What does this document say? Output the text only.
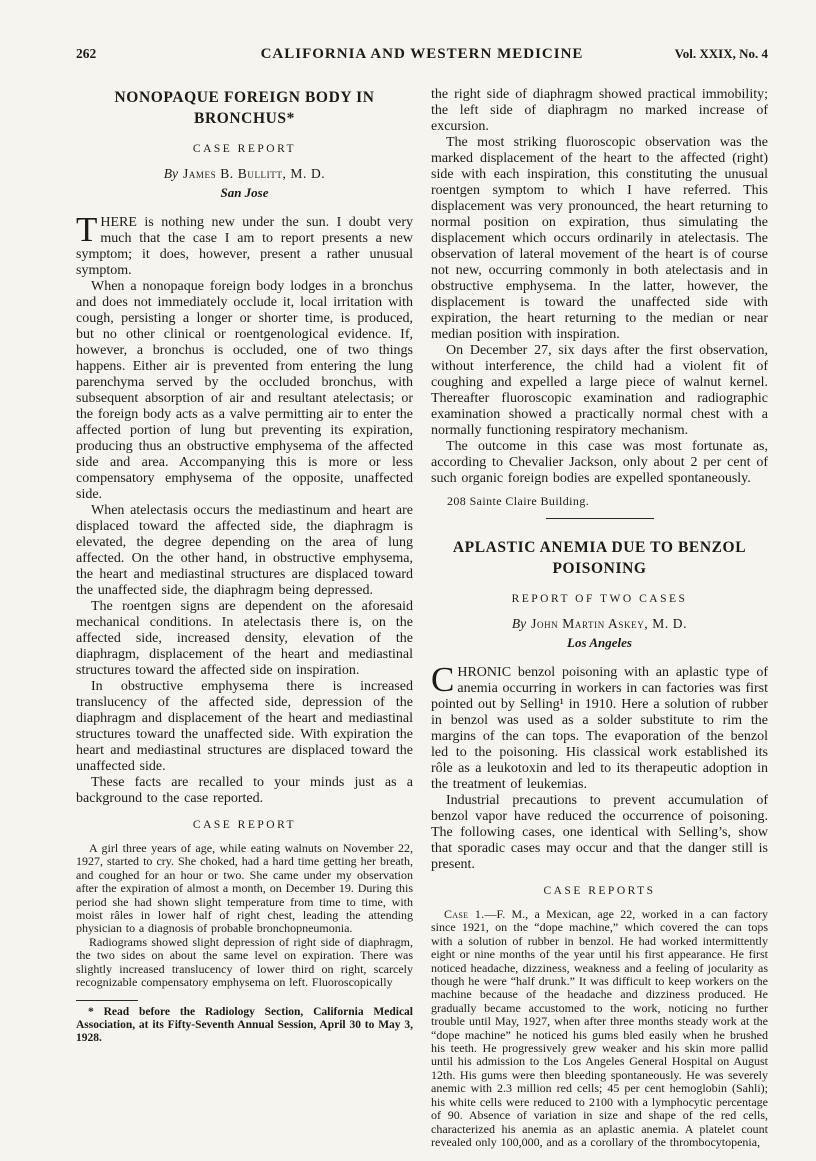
262	CALIFORNIA AND WESTERN MEDICINE	Vol. XXIX, No. 4
NONOPAQUE FOREIGN BODY IN BRONCHUS*
CASE REPORT
By James B. Bullitt, M. D.
San Jose

THERE is nothing new under the sun. I doubt very much that the case I am to report presents a new symptom; it does, however, present a rather unusual symptom.

When a nonopaque foreign body lodges in a bronchus and does not immediately occlude it, local irritation with cough, persisting a longer or shorter time, is produced, but no other clinical or roentgenological evidence. If, however, a bronchus is occluded, one of two things happens. Either air is prevented from entering the lung parenchyma served by the occluded bronchus, with subsequent absorption of air and resultant atelectasis; or the foreign body acts as a valve permitting air to enter the affected portion of lung but preventing its expiration, producing thus an obstructive emphysema of the affected side and area. Accompanying this is more or less compensatory emphysema of the opposite, unaffected side.

When atelectasis occurs the mediastinum and heart are displaced toward the affected side, the diaphragm is elevated, the degree depending on the area of lung affected. On the other hand, in obstructive emphysema, the heart and mediastinal structures are displaced toward the unaffected side, the diaphragm being depressed.

The roentgen signs are dependent on the aforesaid mechanical conditions. In atelectasis there is, on the affected side, increased density, elevation of the diaphragm, displacement of the heart and mediastinal structures toward the affected side on inspiration.

In obstructive emphysema there is increased translucency of the affected side, depression of the diaphragm and displacement of the heart and mediastinal structures toward the unaffected side. With expiration the heart and mediastinal structures are displaced toward the unaffected side.

These facts are recalled to your minds just as a background to the case reported.

CASE REPORT

A girl three years of age, while eating walnuts on November 22, 1927, started to cry. She choked, had a hard time getting her breath, and coughed for an hour or two. She came under my observation after the expiration of almost a month, on December 19. During this period she had shown slight temperature from time to time, with moist râles in lower half of right chest, leading the attending physician to a diagnosis of probable bronchopneumonia.

Radiograms showed slight depression of right side of diaphragm, the two sides on about the same level on expiration. There was slightly increased translucency of lower third on right, scarcely recognizable compensatory emphysema on left. Fluoroscopically

* Read before the Radiology Section, California Medical Association, at its Fifty-Seventh Annual Session, April 30 to May 3, 1928.

the right side of diaphragm showed practical immobility; the left side of diaphragm no marked increase of excursion.

The most striking fluoroscopic observation was the marked displacement of the heart to the affected (right) side with each inspiration, this constituting the unusual roentgen symptom to which I have referred. This displacement was very pronounced, the heart returning to normal position on expiration, thus simulating the displacement which occurs ordinarily in atelectasis. The observation of lateral movement of the heart is of course not new, occurring commonly in both atelectasis and in obstructive emphysema. In the latter, however, the displacement is toward the unaffected side with expiration, the heart returning to the median or near median position with inspiration.

On December 27, six days after the first observation, without interference, the child had a violent fit of coughing and expelled a large piece of walnut kernel. Thereafter fluoroscopic examination and radiographic examination showed a practically normal chest with a normally functioning respiratory mechanism.

The outcome in this case was most fortunate as, according to Chevalier Jackson, only about 2 per cent of such organic foreign bodies are expelled spontaneously.

208 Sainte Claire Building.
APLASTIC ANEMIA DUE TO BENZOL POISONING
REPORT OF TWO CASES
By John Martin Askey, M. D.
Los Angeles

CHRONIC benzol poisoning with an aplastic type of anemia occurring in workers in can factories was first pointed out by Selling¹ in 1910. Here a solution of rubber in benzol was used as a solder substitute to rim the margins of the can tops. The evaporation of the benzol led to the poisoning. His classical work established its rôle as a leukotoxin and led to its therapeutic adoption in the treatment of leukemias.

Industrial precautions to prevent accumulation of benzol vapor have reduced the occurrence of poisoning. The following cases, one identical with Selling’s, show that sporadic cases may occur and that the danger still is present.

CASE REPORTS

Case 1.—F. M., a Mexican, age 22, worked in a can factory since 1921, on the “dope machine,” which covered the can tops with a solution of rubber in benzol. He had worked intermittently eight or nine months of the year until his first appearance. He first noticed headache, dizziness, weakness and a feeling of jocularity as though he were “half drunk.” It was difficult to keep workers on the machine because of the headache and dizziness produced. He gradually became accustomed to the work, noticing no further trouble until May, 1927, when after three months steady work at the “dope machine” he noticed his gums bled easily when he brushed his teeth. He progressively grew weaker and his skin more pallid until his admission to the Los Angeles General Hospital on August 12th. His gums were then bleeding spontaneously. He was severely anemic with 2.3 million red cells; 45 per cent hemoglobin (Sahli); his white cells were reduced to 2100 with a lymphocytic percentage of 90. Absence of variation in size and shape of the red cells, characterized his anemia as an aplastic anemia. A platelet count revealed only 100,000, and as a corollary of the thrombocytopenia,
